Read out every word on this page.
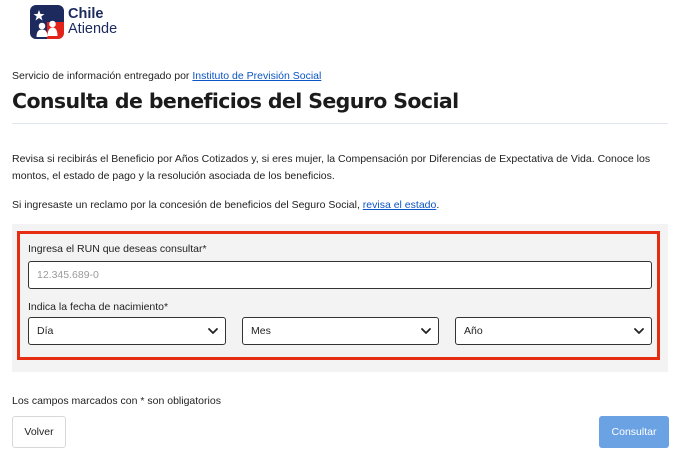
Chile
Atiende
Servicio de información entregado por Instituto de Previsión Social
Consulta de beneficios del Seguro Social

Revisa si recibirás el Beneficio por Años Cotizados y, si eres mujer, la Compensación por Diferencias de Expectativa de Vida. Conoce los montos, el estado de pago y la resolución asociada de los beneficios.

Si ingresaste un reclamo por la concesión de beneficios del Seguro Social, revisa el estado.

Ingresa el RUN que deseas consultar*
12.345.689-0
Indica la fecha de nacimiento*
Día	Mes	Año
Los campos marcados con * son obligatorios
Volver	Consultar
